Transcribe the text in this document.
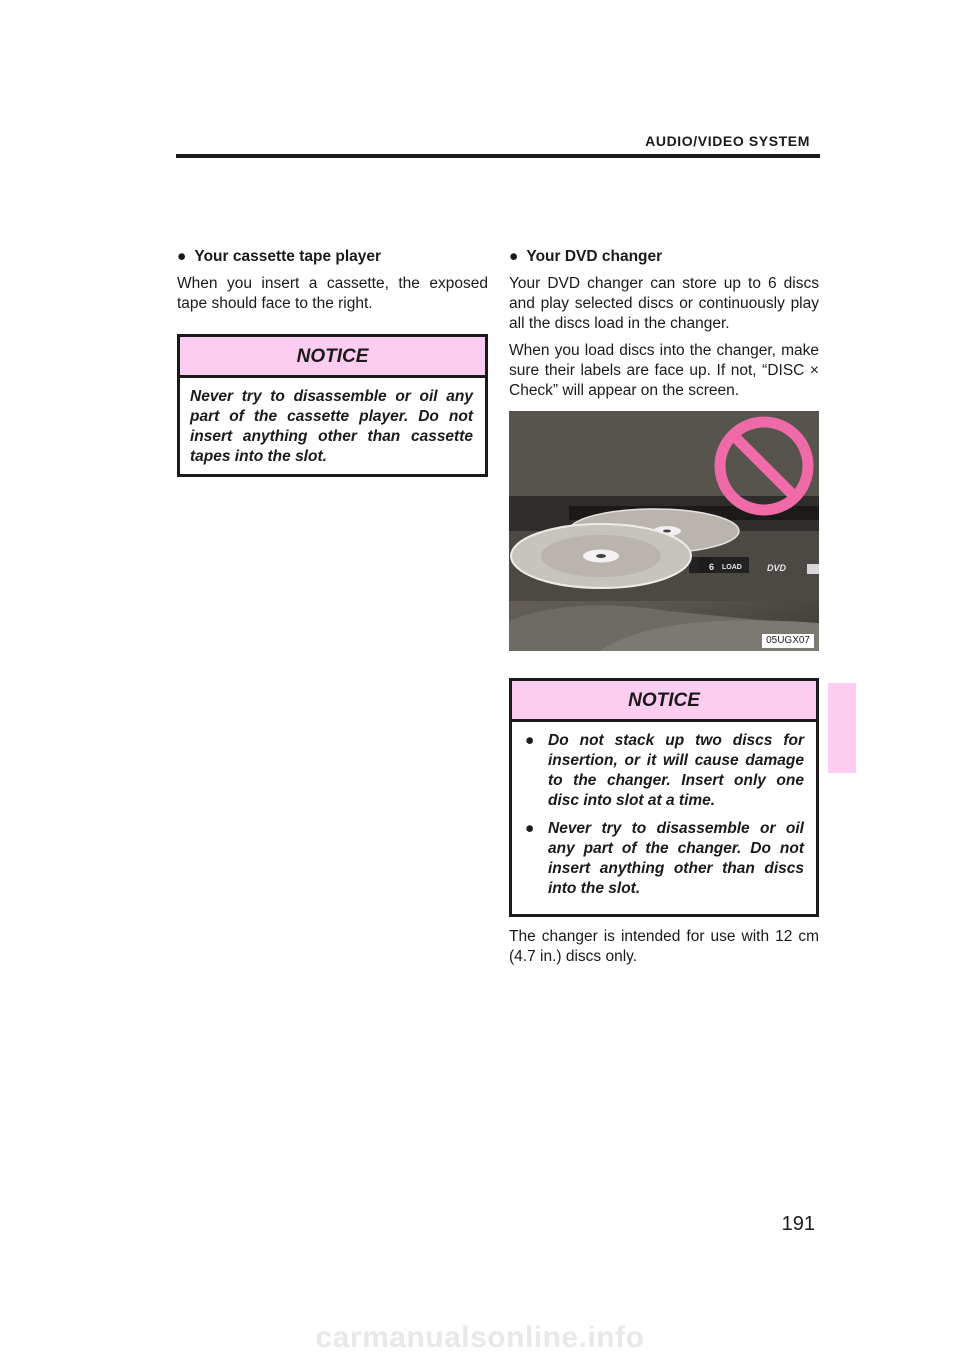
AUDIO/VIDEO SYSTEM
● Your cassette tape player

When you insert a cassette, the exposed tape should face to the right.

NOTICE
Never try to disassemble or oil any part of the cassette player. Do not insert anything other than cassette tapes into the slot.
● Your DVD changer

Your DVD changer can store up to 6 discs and play selected discs or continuously play all the discs load in the changer.

When you load discs into the changer, make sure their labels are face up. If not, “DISC × Check” will appear on the screen.

6 LOAD	DVD
05UGX07
NOTICE
● Do not stack up two discs for insertion, or it will cause damage to the changer. Insert only one disc into slot at a time.
● Never try to disassemble or oil any part of the changer. Do not insert anything other than discs into the slot.

The changer is intended for use with 12 cm (4.7 in.) discs only.

191
carmanualsonline.info
